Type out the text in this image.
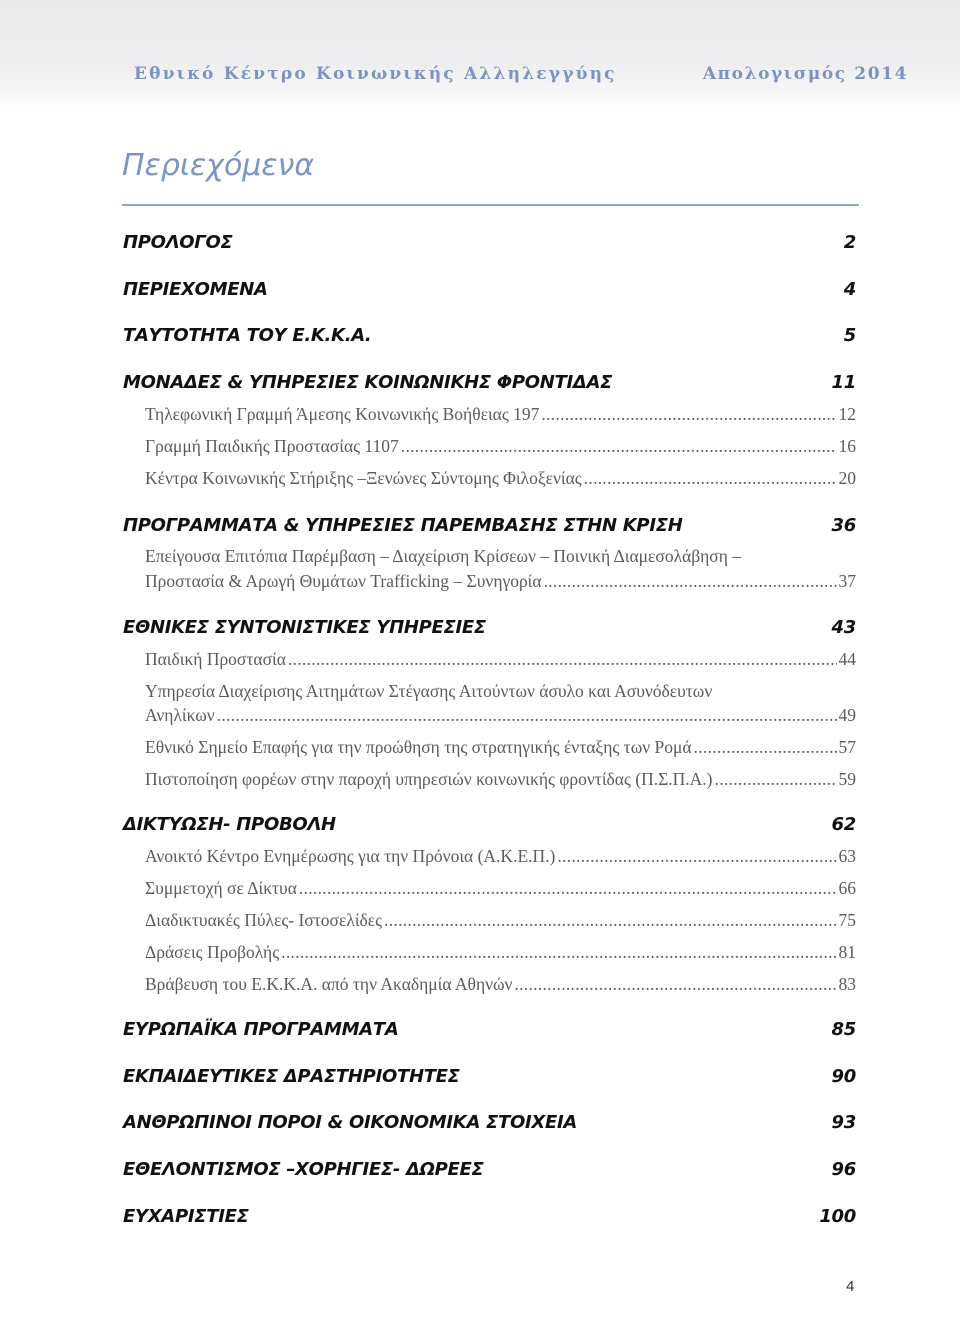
Εθνικό Κέντρο Κοινωνικής Αλληλεγγύης	Απολογισμός 2014
Περιεχόμενα
ΠΡΟΛΟΓΟΣ	2
ΠΕΡΙΕΧΟΜΕΝΑ	4
ΤΑΥΤΟΤΗΤΑ ΤΟΥ Ε.Κ.Κ.Α.	5
ΜΟΝΑΔΕΣ & ΥΠΗΡΕΣΙΕΣ ΚΟΙΝΩΝΙΚΗΣ ΦΡΟΝΤΙΔΑΣ	11
Τηλεφωνική Γραμμή Άμεσης Κοινωνικής Βοήθειας 197 .....	12
Γραμμή Παιδικής Προστασίας 1107 .....	16
Κέντρα Κοινωνικής Στήριξης –Ξενώνες Σύντομης Φιλοξενίας .....	20
ΠΡΟΓΡΑΜΜΑΤΑ & ΥΠΗΡΕΣΙΕΣ ΠΑΡΕΜΒΑΣΗΣ ΣΤΗΝ ΚΡΙΣΗ	36
Επείγουσα Επιτόπια Παρέμβαση – Διαχείριση Κρίσεων – Ποινική Διαμεσολάβηση –
Προστασία & Αρωγή Θυμάτων Trafficking – Συνηγορία .....	37
ΕΘΝΙΚΕΣ ΣΥΝΤΟΝΙΣΤΙΚΕΣ ΥΠΗΡΕΣΙΕΣ	43
Παιδική Προστασία .....	44
Υπηρεσία Διαχείρισης Αιτημάτων Στέγασης Αιτούντων άσυλο και Ασυνόδευτων
Ανηλίκων .....	49
Εθνικό Σημείο Επαφής για την προώθηση της στρατηγικής ένταξης των Ρομά .....	57
Πιστοποίηση φορέων στην παροχή υπηρεσιών κοινωνικής φροντίδας (Π.Σ.Π.Α.) .....	59
ΔΙΚΤΥΩΣΗ- ΠΡΟΒΟΛΗ	62
Ανοικτό Κέντρο Ενημέρωσης για την Πρόνοια (Α.Κ.Ε.Π.) .....	63
Συμμετοχή σε Δίκτυα .....	66
Διαδικτυακές Πύλες- Ιστοσελίδες .....	75
Δράσεις Προβολής .....	81
Βράβευση του Ε.Κ.Κ.Α. από την Ακαδημία Αθηνών .....	83
ΕΥΡΩΠΑΪΚΑ ΠΡΟΓΡΑΜΜΑΤΑ	85
ΕΚΠΑΙΔΕΥΤΙΚΕΣ ΔΡΑΣΤΗΡΙΟΤΗΤΕΣ	90
ΑΝΘΡΩΠΙΝΟΙ ΠΟΡΟΙ & ΟΙΚΟΝΟΜΙΚΑ ΣΤΟΙΧΕΙΑ	93
ΕΘΕΛΟΝΤΙΣΜΟΣ –ΧΟΡΗΓΙΕΣ- ΔΩΡΕΕΣ	96
ΕΥΧΑΡΙΣΤΙΕΣ	100
4
